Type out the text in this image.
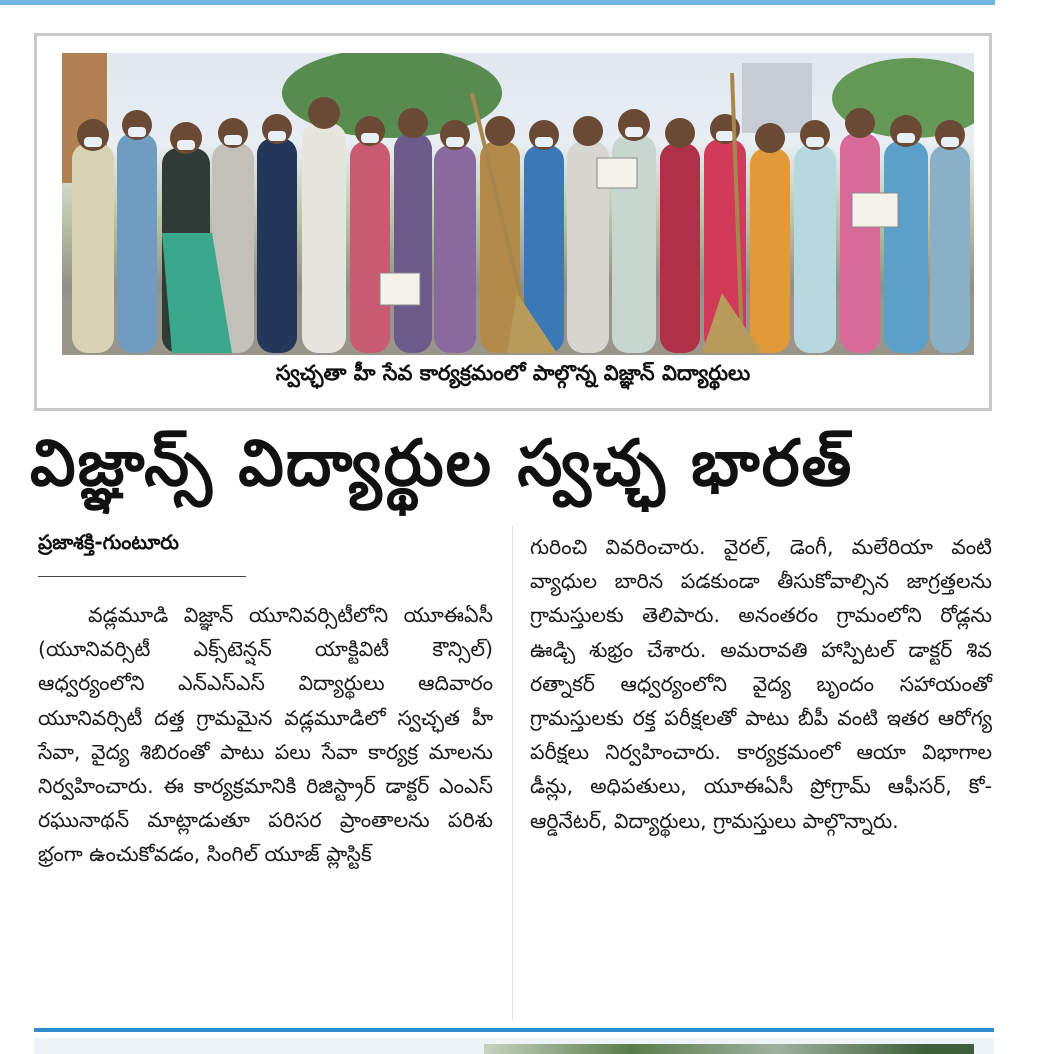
స్వచ్ఛతా హీ సేవ కార్యక్రమంలో పాల్గొన్న విజ్ఞాన్ విద్యార్థులు
విజ్ఞాన్స్ విద్యార్థుల స్వచ్ఛ భారత్
ప్రజాశక్తి-గుంటూరు

వడ్లమూడి విజ్ఞాన్ యూనివర్సిటీలోని యూఈఏసీ (యూనివర్సిటీ ఎక్స్‌టెన్షన్ యాక్టివిటీ కౌన్సిల్) ఆధ్వర్యంలోని ఎన్‌ఎస్‌ఎస్ విద్యార్థులు ఆదివారం యూనివర్సిటీ దత్త గ్రామమైన వడ్లమూడిలో స్వచ్ఛత హీ సేవా, వైద్య శిబిరంతో పాటు పలు సేవా కార్యక్ర మాలను నిర్వహించారు. ఈ కార్యక్రమానికి రిజిస్ట్రార్ డాక్టర్ ఎంఎస్ రఘునాథన్ మాట్లాడుతూ పరిసర ప్రాంతాలను పరిశు భ్రంగా ఉంచుకోవడం, సింగిల్ యూజ్ ప్లాస్టిక్

గురించి వివరించారు. వైరల్, డెంగీ, మలేరియా వంటి వ్యాధుల బారిన పడకుండా తీసుకోవాల్సిన జాగ్రత్తలను గ్రామస్తులకు తెలిపారు. అనంతరం గ్రామంలోని రోడ్లను ఊడ్చి శుభ్రం చేశారు. అమరావతి హాస్పిటల్ డాక్టర్ శివ రత్నాకర్ ఆధ్వర్యంలోని వైద్య బృందం సహాయంతో గ్రామస్తులకు రక్త పరీక్షలతో పాటు బీపీ వంటి ఇతర ఆరోగ్య పరీక్షలు నిర్వహించారు. కార్యక్రమంలో ఆయా విభాగాల డీన్లు, అధిపతులు, యూఈఏసీ ప్రోగ్రామ్ ఆఫీసర్, కో-ఆర్డినేటర్, విద్యార్థులు, గ్రామస్తులు పాల్గొన్నారు.
